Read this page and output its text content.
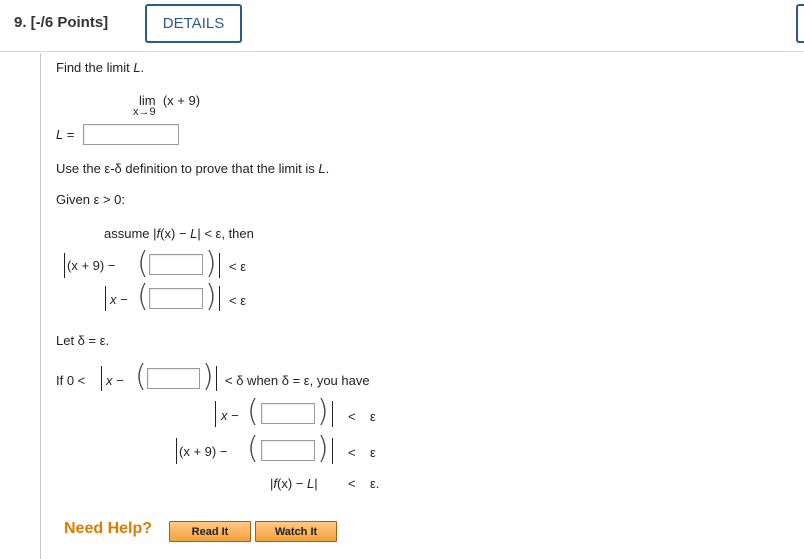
9. [-/6 Points]	DETAILS
Find the limit L.
lim (x + 9)
x→9
L =
Use the ε-δ definition to prove that the limit is L.
Given ε > 0:
assume |f(x) − L| < ε, then
(x + 9) − ( ) < ε
x − ( ) < ε
Let δ = ε.
If 0 < x − ( ) < δ when δ = ε, you have
x − ( ) < ε
(x + 9) − ( ) < ε
|f(x) − L| < ε.
Need Help?	Read It	Watch It
